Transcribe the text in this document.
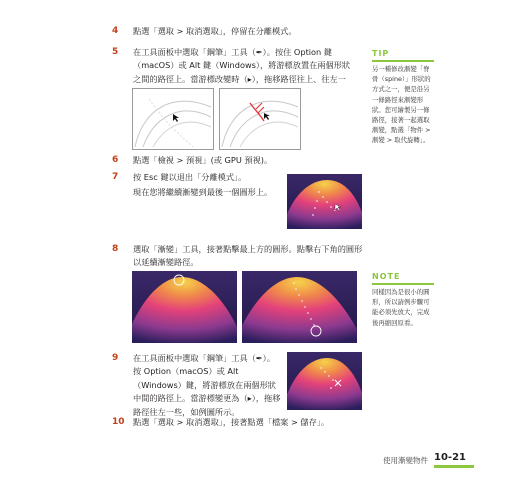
4	點選「選取 > 取消選取」，停留在分離模式。
5	在工具面板中選取「鋼筆」工具（✒）。按住 Option 鍵（macOS）或 Alt 鍵（Windows），將游標放置在兩個形狀之間的路徑上。當游標改變時（▸），拖移路徑往上、往左一
TIP
另一種修改漸變「脊骨（spine）」形狀的方式之一，便是沿另一條路徑來漸變形狀。您可繪製另一條路徑，接著一起選取漸變，點選「物件 > 漸變 > 取代旋轉」。
6	點選「檢視 > 預視」(或 GPU 預視)。
7	按 Esc 鍵以退出「分離模式」。
現在您將繼續漸變到最後一個圓形上。
8	選取「漸變」工具，接著點擊最上方的圓形。點擊右下角的圓形以延續漸變路徑。
NOTE
同樣因為是很小的圓形，所以請例步驟可能必須先放大，完成後再縮回原看。
9	在工具面板中選取「鋼筆」工具（✒）。按 Option（macOS）或 Alt（Windows）鍵，將游標放在兩個形狀中間的路徑上。當游標變更為（▸），拖移路徑往左一些，如例圖所示。
10	點選「選取 > 取消選取」，接著點選「檔案 > 儲存」。
使用漸變物件 10-21
